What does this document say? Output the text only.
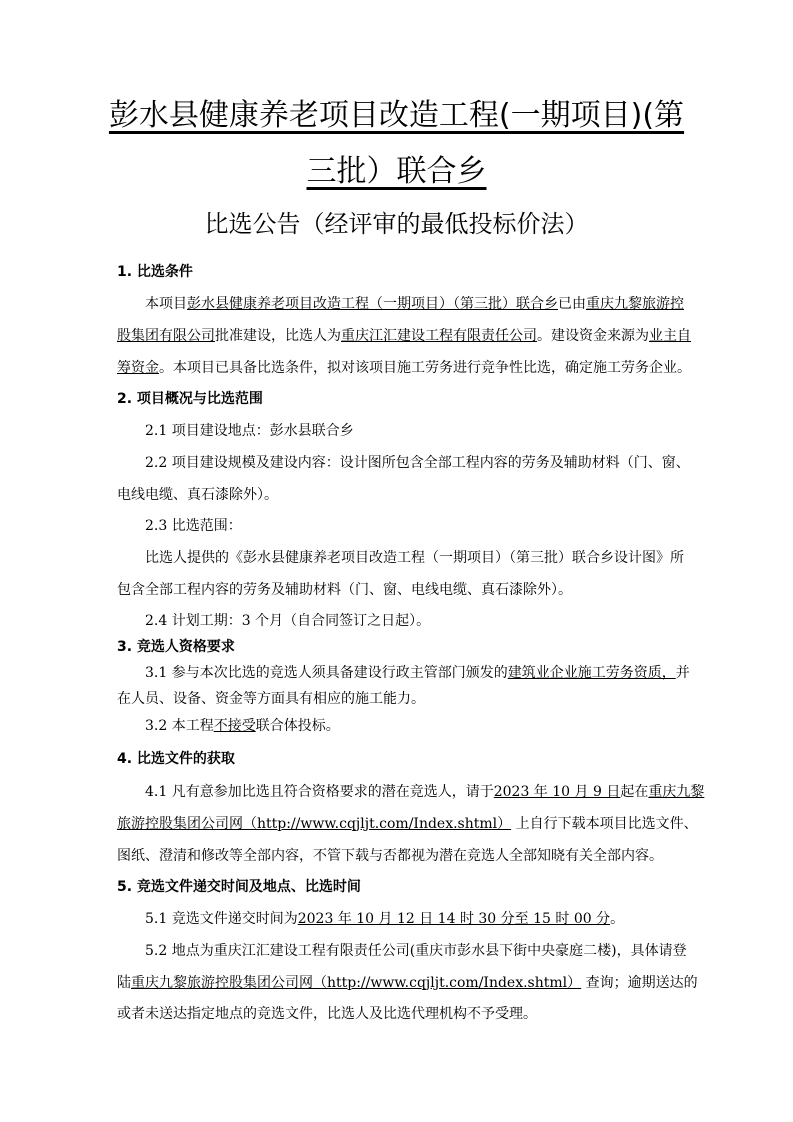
彭水县健康养老项目改造工程(一期项目)(第
三批）联合乡
比选公告（经评审的最低投标价法）
1. 比选条件
本项目彭水县健康养老项目改造工程（一期项目）（第三批）联合乡已由重庆九黎旅游控
股集团有限公司批准建设，比选人为重庆江汇建设工程有限责任公司。建设资金来源为业主自
筹资金。本项目已具备比选条件，拟对该项目施工劳务进行竞争性比选，确定施工劳务企业。
2. 项目概况与比选范围
2.1 项目建设地点：彭水县联合乡
2.2 项目建设规模及建设内容：设计图所包含全部工程内容的劳务及辅助材料（门、窗、
电线电缆、真石漆除外）。
2.3 比选范围：
比选人提供的《彭水县健康养老项目改造工程（一期项目）（第三批）联合乡设计图》所
包含全部工程内容的劳务及辅助材料（门、窗、电线电缆、真石漆除外）。
2.4 计划工期：3 个月（自合同签订之日起）。
3. 竞选人资格要求
3.1 参与本次比选的竞选人须具备建设行政主管部门颁发的建筑业企业施工劳务资质，并
在人员、设备、资金等方面具有相应的施工能力。
3.2 本工程不接受联合体投标。
4. 比选文件的获取
4.1 凡有意参加比选且符合资格要求的潜在竞选人，请于2023 年 10 月 9 日起在重庆九黎
旅游控股集团公司网（http://www.cqjljt.com/Index.shtml） 上自行下载本项目比选文件、
图纸、澄清和修改等全部内容，不管下载与否都视为潜在竞选人全部知晓有关全部内容。
5. 竞选文件递交时间及地点、比选时间
5.1 竞选文件递交时间为2023 年 10 月 12 日 14 时 30 分至 15 时 00 分。
5.2 地点为重庆江汇建设工程有限责任公司(重庆市彭水县下街中央豪庭二楼)，具体请登
陆重庆九黎旅游控股集团公司网（http://www.cqjljt.com/Index.shtml） 查询；逾期送达的
或者未送达指定地点的竞选文件，比选人及比选代理机构不予受理。
